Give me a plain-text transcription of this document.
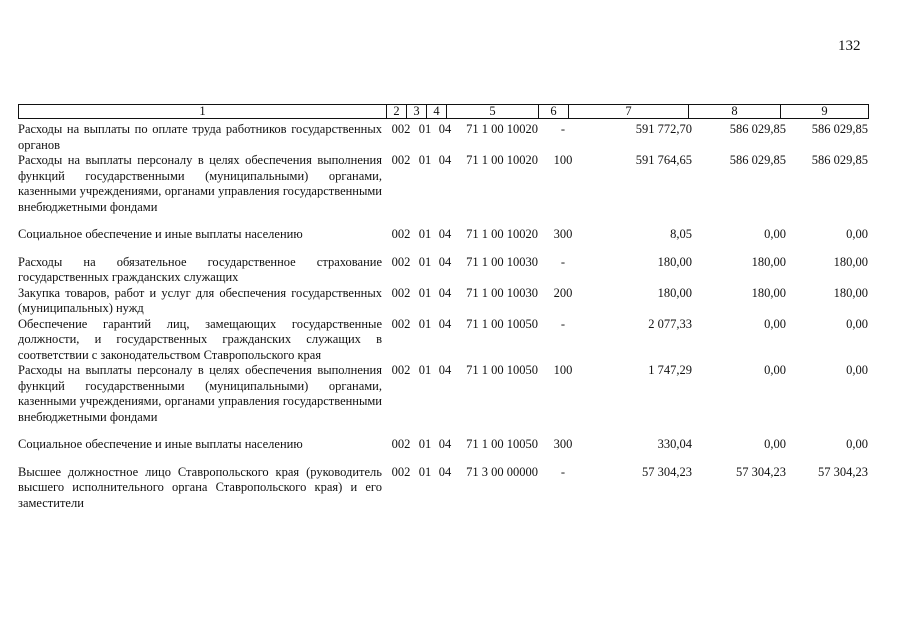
132
1	2	3	4	5	6	7	8	9
Расходы на выплаты по оплате труда работников государственных органов	002	01	04	71 1 00 10020	-	591 772,70	586 029,85	586 029,85
Расходы на выплаты персоналу в целях обеспечения выполнения функций государственными (муниципальными) органами, казенными учреждениями, органами управления государственными внебюджетными фондами	002	01	04	71 1 00 10020	100	591 764,65	586 029,85	586 029,85

Социальное обеспечение и иные выплаты населению	002	01	04	71 1 00 10020	300	8,05	0,00	0,00

Расходы на обязательное государственное страхование государственных гражданских служащих	002	01	04	71 1 00 10030	-	180,00	180,00	180,00
Закупка товаров, работ и услуг для обеспечения государственных (муниципальных) нужд	002	01	04	71 1 00 10030	200	180,00	180,00	180,00
Обеспечение гарантий лиц, замещающих государственные должности, и государственных гражданских служащих в соответствии с законодательством Ставропольского края	002	01	04	71 1 00 10050	-	2 077,33	0,00	0,00
Расходы на выплаты персоналу в целях обеспечения выполнения функций государственными (муниципальными) органами, казенными учреждениями, органами управления государственными внебюджетными фондами	002	01	04	71 1 00 10050	100	1 747,29	0,00	0,00

Социальное обеспечение и иные выплаты населению	002	01	04	71 1 00 10050	300	330,04	0,00	0,00

Высшее должностное лицо Ставропольского края (руководитель высшего исполнительного органа Ставропольского края) и его заместители	002	01	04	71 3 00 00000	-	57 304,23	57 304,23	57 304,23
